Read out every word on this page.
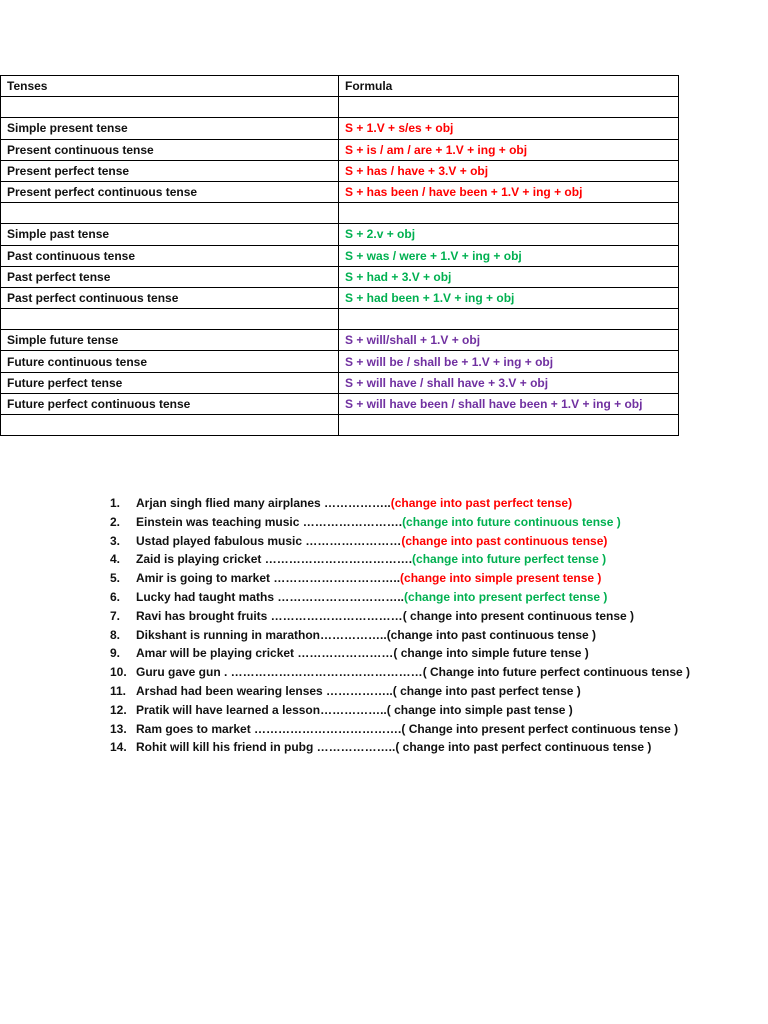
Tenses	Formula

Simple present tense	S + 1.V + s/es + obj
Present continuous tense	S + is / am / are + 1.V + ing + obj
Present perfect tense	S + has / have + 3.V + obj
Present perfect continuous tense	S + has been / have been + 1.V + ing + obj

Simple past tense	S + 2.v + obj
Past continuous tense	S + was / were + 1.V + ing + obj
Past perfect tense	S + had + 3.V + obj
Past perfect continuous tense	S + had been + 1.V + ing + obj

Simple future tense	S + will/shall + 1.V + obj
Future continuous tense	S + will be / shall be + 1.V + ing + obj
Future perfect tense	S + will have / shall have + 3.V + obj
Future perfect continuous tense	S + will have been / shall have been + 1.V + ing + obj

1. Arjan singh flied many airplanes ……………..(change into past perfect tense)
2. Einstein was teaching music …………………….(change into future continuous tense )
3. Ustad played fabulous music ……………………(change into past continuous tense)
4. Zaid is playing cricket ……………………………….(change into future perfect tense )
5. Amir is going to market …………………………..(change into simple present tense )
6. Lucky had taught maths …………………………..(change into present perfect tense )
7. Ravi has brought fruits ……………………………( change into present continuous tense )
8. Dikshant is running in marathon……………..(change into past continuous tense )
9. Amar will be playing cricket ……………………( change into simple future tense )
10. Guru gave gun . …………………………………………( Change into future perfect continuous tense )
11. Arshad had been wearing lenses ……………..( change into past perfect tense )
12. Pratik will have learned a lesson……………..( change into simple past tense )
13. Ram goes to market ……………………………….( Change into present perfect continuous tense )
14. Rohit will kill his friend in pubg ………………..( change into past perfect continuous tense )
